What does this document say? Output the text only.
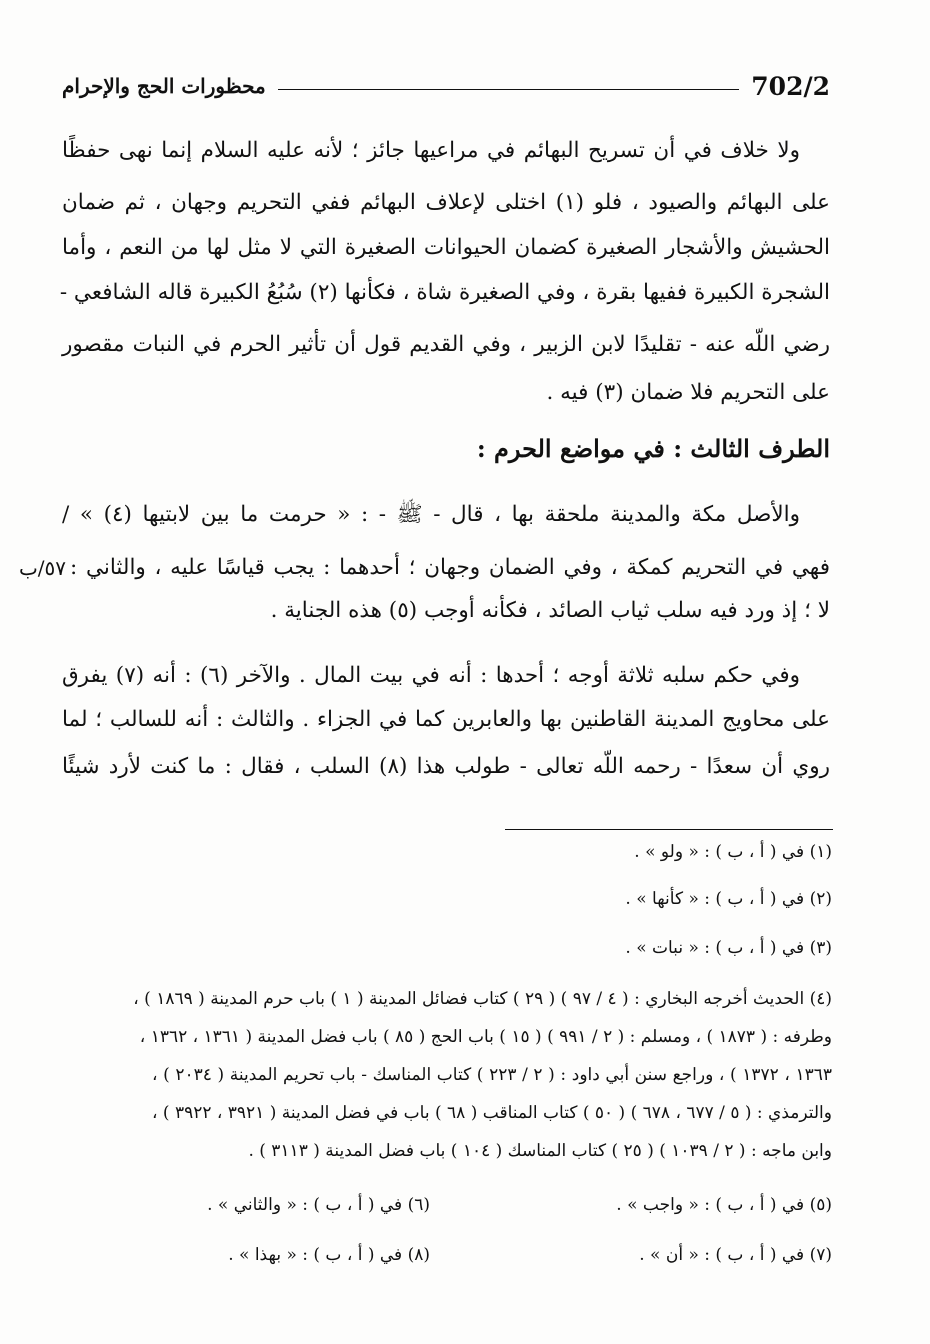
702/2
محظورات الحج والإحرام
ولا خلاف في أن تسريح البهائم في مراعيها جائز ؛ لأنه عليه السلام إنما نهى حفظًا
على البهائم والصيود ، فلو (١) اختلى لإعلاف البهائم ففي التحريم وجهان ، ثم ضمان
الحشيش والأشجار الصغيرة كضمان الحيوانات الصغيرة التي لا مثل لها من النعم ، وأما
الشجرة الكبيرة ففيها بقرة ، وفي الصغيرة شاة ، فكأنها (٢) سُبُعُ الكبيرة قاله الشافعي -
رضي اللّه عنه - تقليدًا لابن الزبير ، وفي القديم قول أن تأثير الحرم في النبات مقصور
على التحريم فلا ضمان (٣) فيه .
الطرف الثالث : في مواضع الحرم :
والأصل مكة والمدينة ملحقة بها ، قال - ﷺ - : « حرمت ما بين لابتيها (٤) » /
فهي في التحريم كمكة ، وفي الضمان وجهان ؛ أحدهما : يجب قياسًا عليه ، والثاني :
٥٧/ب
لا ؛ إذ ورد فيه سلب ثياب الصائد ، فكأنه أوجب (٥) هذه الجناية .
وفي حكم سلبه ثلاثة أوجه ؛ أحدها : أنه في بيت المال . والآخر (٦) : أنه (٧) يفرق
على محاويج المدينة القاطنين بها والعابرين كما في الجزاء . والثالث : أنه للسالب ؛ لما
روي أن سعدًا - رحمه اللّه تعالى - طولب هذا (٨) السلب ، فقال : ما كنت لأرد شيئًا
(١) في ( أ ، ب ) : « ولو » .
(٢) في ( أ ، ب ) : « كأنها » .
(٣) في ( أ ، ب ) : « نبات » .
(٤) الحديث أخرجه البخاري : ( ٤ / ٩٧ ) ( ٢٩ ) كتاب فضائل المدينة ( ١ ) باب حرم المدينة ( ١٨٦٩ ) ،
وطرفه : ( ١٨٧٣ ) ، ومسلم : ( ٢ / ٩٩١ ) ( ١٥ ) باب الحج ( ٨٥ ) باب فضل المدينة ( ١٣٦١ ، ١٣٦٢ ،
١٣٦٣ ، ١٣٧٢ ) ، وراجع سنن أبي داود : ( ٢ / ٢٢٣ ) كتاب المناسك - باب تحريم المدينة ( ٢٠٣٤ ) ،
والترمذي : ( ٥ / ٦٧٧ ، ٦٧٨ ) ( ٥٠ ) كتاب المناقب ( ٦٨ ) باب في فضل المدينة ( ٣٩٢١ ، ٣٩٢٢ ) ،
وابن ماجه : ( ٢ / ١٠٣٩ ) ( ٢٥ ) كتاب المناسك ( ١٠٤ ) باب فضل المدينة ( ٣١١٣ ) .
(٥) في ( أ ، ب ) : « واجب » .
(٦) في ( أ ، ب ) : « والثاني » .
(٧) في ( أ ، ب ) : « أن » .
(٨) في ( أ ، ب ) : « بهذا » .
